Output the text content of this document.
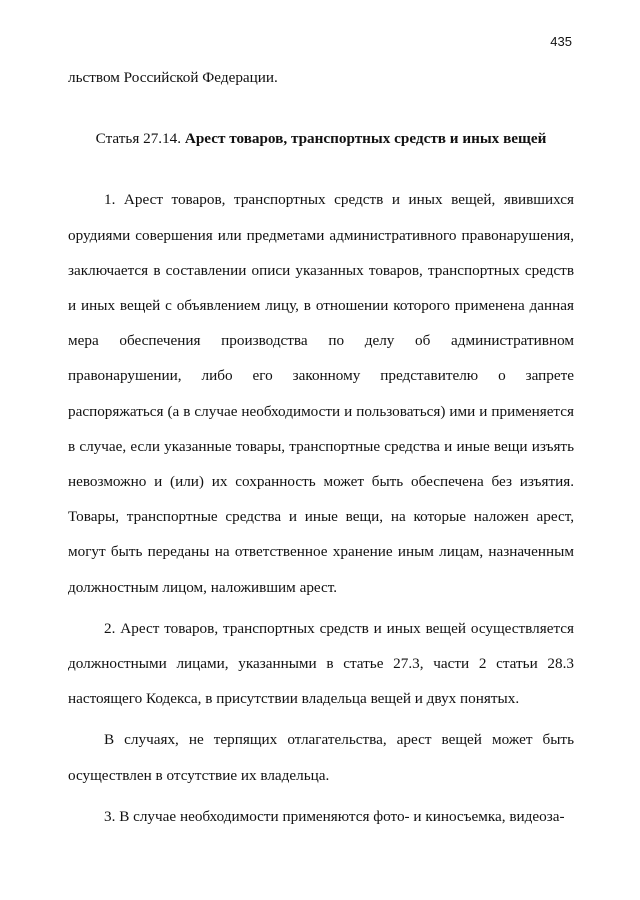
435

льством Российской Федерации.

Статья 27.14. Арест товаров, транспортных средств и иных вещей

1. Арест товаров, транспортных средств и иных вещей, явившихся орудиями совершения или предметами административного правонарушения, заключается в составлении описи указанных товаров, транспортных средств и иных вещей с объявлением лицу, в отношении которого применена данная мера обеспечения производства по делу об административном правонарушении, либо его законному представителю о запрете распоряжаться (а в случае необходимости и пользоваться) ими и применяется в случае, если указанные товары, транспортные средства и иные вещи изъять невозможно и (или) их сохранность может быть обеспечена без изъятия. Товары, транспортные средства и иные вещи, на которые наложен арест, могут быть переданы на ответственное хранение иным лицам, назначенным должностным лицом, наложившим арест.

2. Арест товаров, транспортных средств и иных вещей осуществляется должностными лицами, указанными в статье 27.3, части 2 статьи 28.3 настоящего Кодекса, в присутствии владельца вещей и двух понятых.

В случаях, не терпящих отлагательства, арест вещей может быть осуществлен в отсутствие их владельца.

3. В случае необходимости применяются фото- и киносъемка, видеоза-
